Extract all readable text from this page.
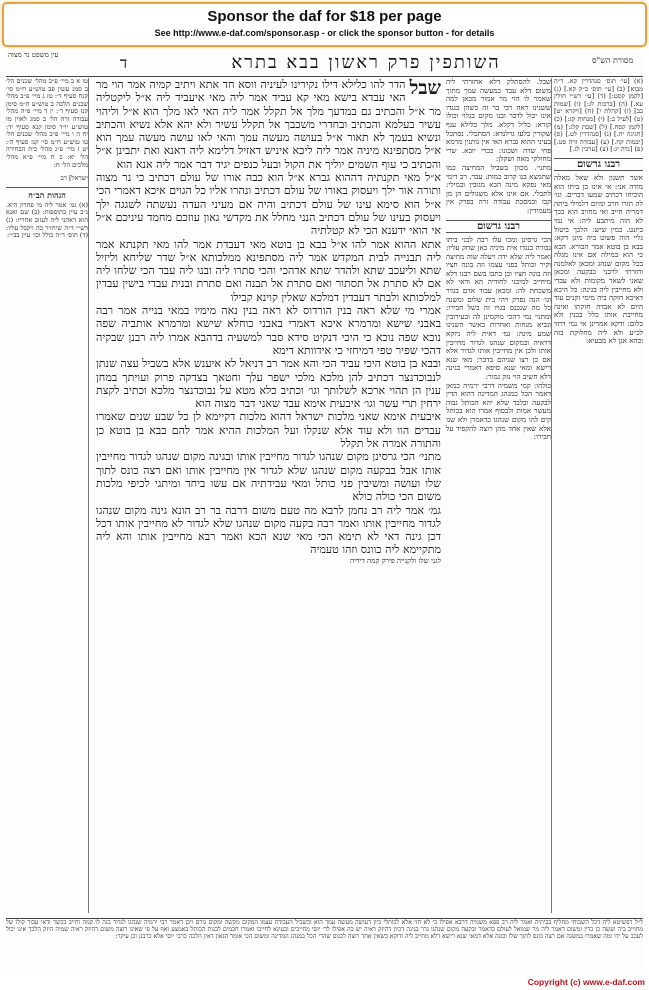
Sponsor the daf for $18 per page
See http://www.e-daf.com/sponsor.asp - or click the sponsor button - for details
עין משפט נר מצוה	ד	השותפין פרק ראשון בבא בתרא	מסורת הש"ס
טו א ב מיי׳ פ״ב מהל׳ שכנים הל׳ ב סמג עשין פב טוש״ע ח״מ סי׳ קנח סעיף ד׳: טז ג מיי׳ פ״ב מהל׳ שכנים הלכה ב טוש״ע ח״מ סימן קנז סעיף ד׳: יז ד מיי׳ פ״ה מהל׳ עבודה זרה הל׳ ב סמג לאוין מז טוש״ע יו״ד סימן קנא סעיף יד: יח ה ו מיי׳ פ״ב מהל׳ שכנים הל׳ טו טוש״ע ח״מ סי׳ קנז סעיף ה׳: יט ז מיי׳ פ״ג מהל׳ בית הבחירה הל׳ יא: כ ח מיי׳ פ״א מהל׳ מלכים הל׳ ח:
ישראל] רב
הגהות הב״ח
(א) גמ׳ אמר ליה מי פתרון היא. נ״ב עיין בתוספות: (ב) שם ואנא הוא דאהני ליה לעזוב אחריו: (ג) רש״י ד״ה שיחזיר בה ויקבל עליו: (ד) תוס׳ ד״ה כולל וכו׳ עיין בב״י:
שבל
הדר להו כלילא דילו נקירינו לעיניה ווסא חד אתא ויתיב קמיה אמר הוי מר האי עבדא בישא מאי קא עביד אמר ליה מאי איעביד ליה א״ל ליקטליה מר א״ל והכתיב גם במדעך מלך אל תקלל אמר ליה האי לאו מלך הוא א״ל וליהוי עשיר בעלמא והכתיב ובחדרי משכבך אל תקלל עשיר ולא יהא אלא נשיא והכתיב ונשיא בעמך לא תאור א״ל בעושה מעשה עמך והאי לאו עושה מעשה עמך הוא א״ל מסתפינא מיניה אמר ליה ליכא איניש דאזיל דלימא ליה דאנא ואת יתבינן א״ל והכתיב כי עוף השמים יוליך את הקול ובעל כנפים יגיד דבר אמר ליה אנא הוא
א״ל מאי תקנתיה דההוא גברא א״ל הוא כבה אורו של עולם דכתיב כי נר מצוה ותורה אור ילך ויעסוק באורו של עולם דכתיב ונהרו אליו כל הגוים איכא דאמרי הכי א״ל הוא סימא עינו של עולם דכתיב והיה אם מעיני העדה נעשתה לשגגה ילך ויעסוק בעינו של עולם דכתיב הנני מחלל את מקדשי גאון עוזכם מחמד עיניכם א״ל אי הואי ידענא הכי לא קטלתיה
אתא ההוא אמר להו א״ל בבא בן בוטא מאי דעבדת אמר להו מאי תקנתא אמר ליה תבנייה לבית המקדש אמר ליה מסתפינא ממלכותא א״ל שדר שליחא וליזיל שתא וליעכב שתא ולהדר שתא אדהכי והכי סתרו ליה ובנו ליה עבד הכי שלחו ליה אם לא סתרת אל תסתור ואם סתרת אל תבנה ואם סתרת ובנית עבדי בישין עבדין למלכותא ולבתר דעבדין דמלכא שאלין קוינא קבילו
אמרי מי שלא ראה בנין הורדוס לא ראה בנין נאה מימיו במאי בנייה אמר רבה באבני שישא ומרמרא איכא דאמרי באבני כוחלא שישא ומרמרא אותביה שפה נוכא שפה נוכא כי היכי דנקיט סידא סבר למשעיה בדהבא אמרו ליה רבנן שבקיה דהכי שפיר טפי דמיחזי כי אידוותא דימא
ובבא בן בוטא היכי עביד הכי והא אמר רב דניאל לא איענש אלא בשביל עצה שנתן לנבוכדנצר דכתיב להן מלכא מלכי ישפר עלך וחטאך בצדקה פרוק ועויתך במחן ענין הן תהוי ארכא לשלותך וגו׳ וכתיב כלא מטא על נבוכדנצר מלכא וכתיב לקצת ירחין תרי עשר וגו׳ איבעית אימא עבד שאני דבר מצוה הוא
איבעית אימא שאני מלכות ישראל דהוא מלכות דקיימא לן כל שבע שנים שאמרו עבדים הוו ולא עוד אלא שנקלו ועל המלכות ההיא אמר להם בבא בן בוטא כן והתורה אמרה אל תקלל
מתני׳ הכי גרסינן מקום שנהגו לגדור מחייבין אותו ובגינה מקום שנהגו לגדור מחייבין אותו אבל בבקעה מקום שנהגו שלא לגדור אין מחייבין אותו ואם רצה כונס לתוך שלו ועושה ומשיבין פני כותל ומאי עבידתיה אם עשו ביחד ומיתגי לכיפי מלכות משום הכי כולה כולא
גמ׳ אמר ליה רב נחמן לרבא מה טעם משום דרבה בר רב הונא גינה מקום שנהגו לגדור מחייבין אותו ואמר רבה בקעה מקום שנהגו שלא לגדור לא מחייבין אותו דכל דכן גינה דאי לא תימא הכי מאי שנא הכא ואמר רבא מחייבין אותו והא ליה מתקיימא ליה כוונס וזהו טעמיה
לגני שלו ולקנייה פירק קמה דידיה
שבל. להסתלק דלא אחזרתי ליה משום דלא עבד כמעשה עמך מתוך שאמר לו הוי מר אמור מכאן למה ששנינו ראה רבי בר זה כשהן כנגדו אינו יכול לדבר ובנו מקום בגלוי וכולו קורא: כליל דקלא. מלך כלילא ענף שקורין בלעז גרלנדא: הסתכלי. נסתכל בעיני ההוא גברא האי אין נותנין מרמא פחי שדה ושכונו: ככרי יובא. שרי מחולקי מאה ושקלן:
מתני׳. מכוון בשביל המחיצה כמו שתמצא בנו קרוב כמות: עבד. רב דימי מאי נפקא מינה הכא מגובין ובמילי: לתבלי. אם אינו אלא משגולים הן מן קבו ובמסכת עבודה זרה בפרק אין מעמידין:
רבנו גרשום
הכי גרסינן ומכו עלו רבה לבני ביתו גבורה כנגדו אית מיניה כאן שחק עליו: ואמר ליה שלא ידה ויעלה שוה מחיצה וקיר וכותל בפני עצמו וזה בונה חציו וזה בונה חציו וכן כתבו בשם רבנו דלא מיחייב למיבני לחודיה הא ודאי לא משכחת לה: ומכאן עבוד אדם בגדר וגו׳ הנה נפרק ויהי בית שלום ומשנה כל מה שנכנס בגויו זה בשל חבירו: ומתני׳ נמי דהכי מוקמינן לה ובעירובין ונביא מנחות ואחרות כאשר השנינו שמע מינה: גמ׳ דאית ליה ניזקא דראיה ובמקום שנהגו לגדור מחייבין אותו ולכן אין מחייבין אותו לגדור אלא אם כן רצו שניהם בדבר: מאי שנא רישא ומאי שנא סיפא דאמרי בגינה דלא חשיב הוי נזק גמור:
כולהו: קמי משמיה דרבי ירמיה כמאן דאמר הכל כמנהג המדינה דהוא הדין לבקעה ובלבד שלא יהא הכותל גבוה מעשר אמות ולבסוף אמרו הוא בכותל קים להו מקום שנהגו כדאמרן ולא שנו אלא שאין אחד מהן רוצה להקפיד על חבירו:
(א) [עי׳ תוס׳ סנהדרין קא. ד״ה מבוא] (ב) [עי׳ תוס׳ ב״ק קא.] (ג) [לקמן קסט:] (ד) [עי׳ רש״י חולין עא.] (ה) [ברכות לג:] (ו) [שמות כב] (ז) [קהלת י] (ח) [ויקרא יט] (ט) [לעיל ב:] (י) [מנחות קג:] (כ) [לקמן קסח.] (ל) [שבת קלג:] (מ) [חגיגה יח.] (נ) [סנהדרין לט.] (ס) [יבמות קח.] (ע) [עבודה זרה סט.] (פ) [נדה יג:] (צ) [ערכין לג.]
רבנו גרשום
אשר תשנון ולא שאל מאלה מודה אני: אי אינו בן ביתו הוא הוכיחו דכתיב שמעו דברים. ונו׳ לה תזרו חרב ומיום דלמילי ביתה דמריה חייב ואי מחויב הוא בכך לא הוה מיתבע ליה: אי נמי ביזנט. כמין שיש: הלכך ביטול גליי הוה פשוט ביה מיגן דקא: בבא בן בוטא אמר הבורא. הבא כי הוא במילה אם אינו מגלה בכל מקום שנהג ומכאן לאלמנה וחזרתי לרבני בבקעה ומכאן שאני לשאר מקומות ולא עבדי ולא מחייבין ליה בגינה: כל היכא דאיכא חזקה ביה מימי זקנים עוד היום לא אבדה חזקתו ואינה מחייבת אותו כלל בבנין ולא כלום: ודקא אמרינן אי נמי דחזי לכ״ע ולא ליה מחלוקת בזה ובהא אנן לא מבעיא:
ל״ל דפשיטא ליה דכל השבוחי מחליף בביתיה ואמר ליה רב פפא משמיה דרבא אפילו כי לא חזי אלא לכותלי כיון דעושה מעשה עמך הוא ובשביל העבודה עצמו המקום מקשה ומקום גורם ויכן דאמר רבי ירמיה שנהגו לגדור בנה לו קמה וחייב בכשר ודאי עבור קולו של מחוייב ביה ועשה כן כדין ומשום דאמר ליה מר שמואל לעולם כדאמר ובקעה מקום שנהגו גדר בגינה דכיון דהיזק ראיה יש בה אפילו לר׳ יוסי מחייבים ובעינא לחייבו ואמרו חכמים לבנות הכותל באמצע ואף על פי שאינו רוצה משום דהיזק ראיה שמיה היזק הלכך אינו יכול לעכב על ידו ומה שאמרו במשנה אם רצה כונס לתוך שלו ובונה אלא דמאי שנא רישא דלא מחייב ליה ודוקא כשאין אחד רוצה לכנוס שהרי הכל כמנהג המדינה ומשום הכי אומר הגאון דאין הלכה כרבי יוסי אלא כרבנן וכן עיקר:
Copyright (c) www.e-daf.com
